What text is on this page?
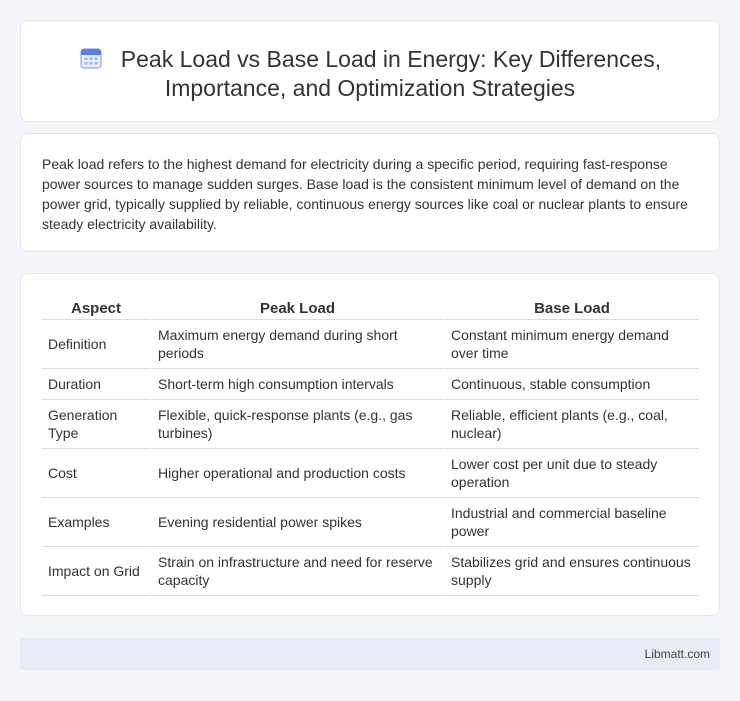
Peak Load vs Base Load in Energy: Key Differences, Importance, and Optimization Strategies

Peak load refers to the highest demand for electricity during a specific period, requiring fast-response power sources to manage sudden surges. Base load is the consistent minimum level of demand on the power grid, typically supplied by reliable, continuous energy sources like coal or nuclear plants to ensure steady electricity availability.

Aspect	Peak Load	Base Load
Definition	Maximum energy demand during short periods	Constant minimum energy demand over time
Duration	Short-term high consumption intervals	Continuous, stable consumption
Generation Type	Flexible, quick-response plants (e.g., gas turbines)	Reliable, efficient plants (e.g., coal, nuclear)
Cost	Higher operational and production costs	Lower cost per unit due to steady operation
Examples	Evening residential power spikes	Industrial and commercial baseline power
Impact on Grid	Strain on infrastructure and need for reserve capacity	Stabilizes grid and ensures continuous supply
Libmatt.com
